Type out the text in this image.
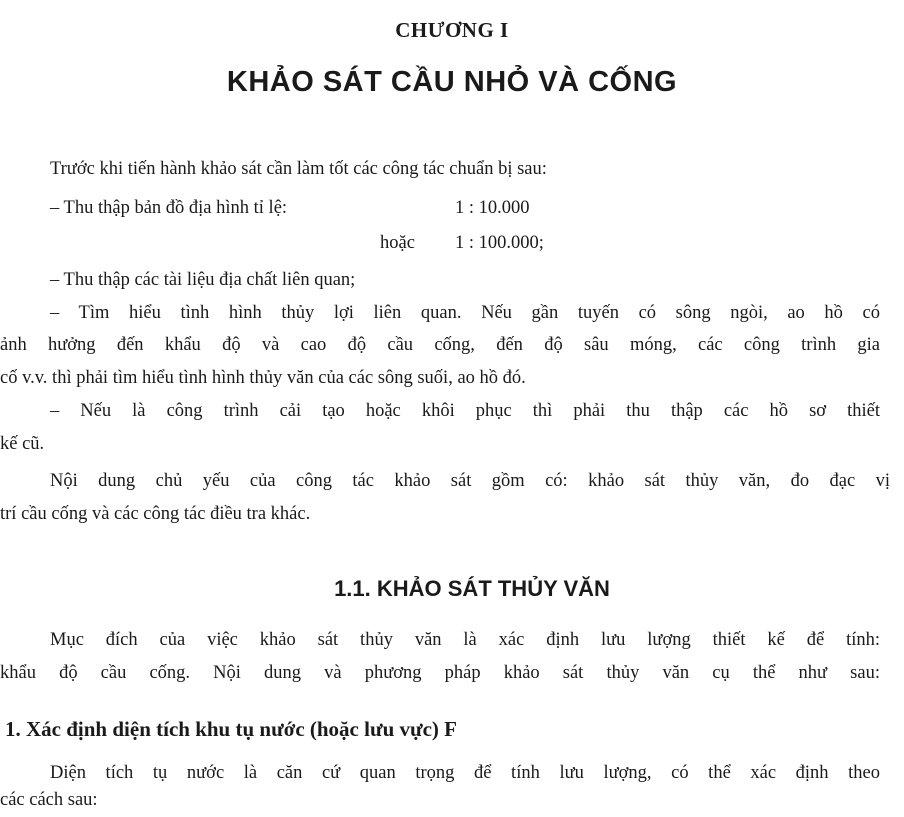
CHƯƠNG I
KHẢO SÁT CẦU NHỎ VÀ CỐNG
Trước khi tiến hành khảo sát cần làm tốt các công tác chuẩn bị sau:
– Thu thập bản đồ địa hình tỉ lệ:	1 : 10.000
hoặc 1 : 100.000;
– Thu thập các tài liệu địa chất liên quan;
– Tìm hiểu tình hình thủy lợi liên quan. Nếu gần tuyến có sông ngòi, ao hồ có
ảnh hưởng đến khẩu độ và cao độ cầu cống, đến độ sâu móng, các công trình gia
cố v.v. thì phải tìm hiểu tình hình thủy văn của các sông suối, ao hồ đó.
– Nếu là công trình cải tạo hoặc khôi phục thì phải thu thập các hồ sơ thiết
kế cũ.
Nội dung chủ yếu của công tác khảo sát gồm có: khảo sát thủy văn, đo đạc vị
trí cầu cống và các công tác điều tra khác.
1.1. KHẢO SÁT THỦY VĂN
Mục đích của việc khảo sát thủy văn là xác định lưu lượng thiết kế để tính:
khẩu độ cầu cống. Nội dung và phương pháp khảo sát thủy văn cụ thể như sau:
1. Xác định diện tích khu tụ nước (hoặc lưu vực) F
Diện tích tụ nước là căn cứ quan trọng để tính lưu lượng, có thể xác định theo
các cách sau:
